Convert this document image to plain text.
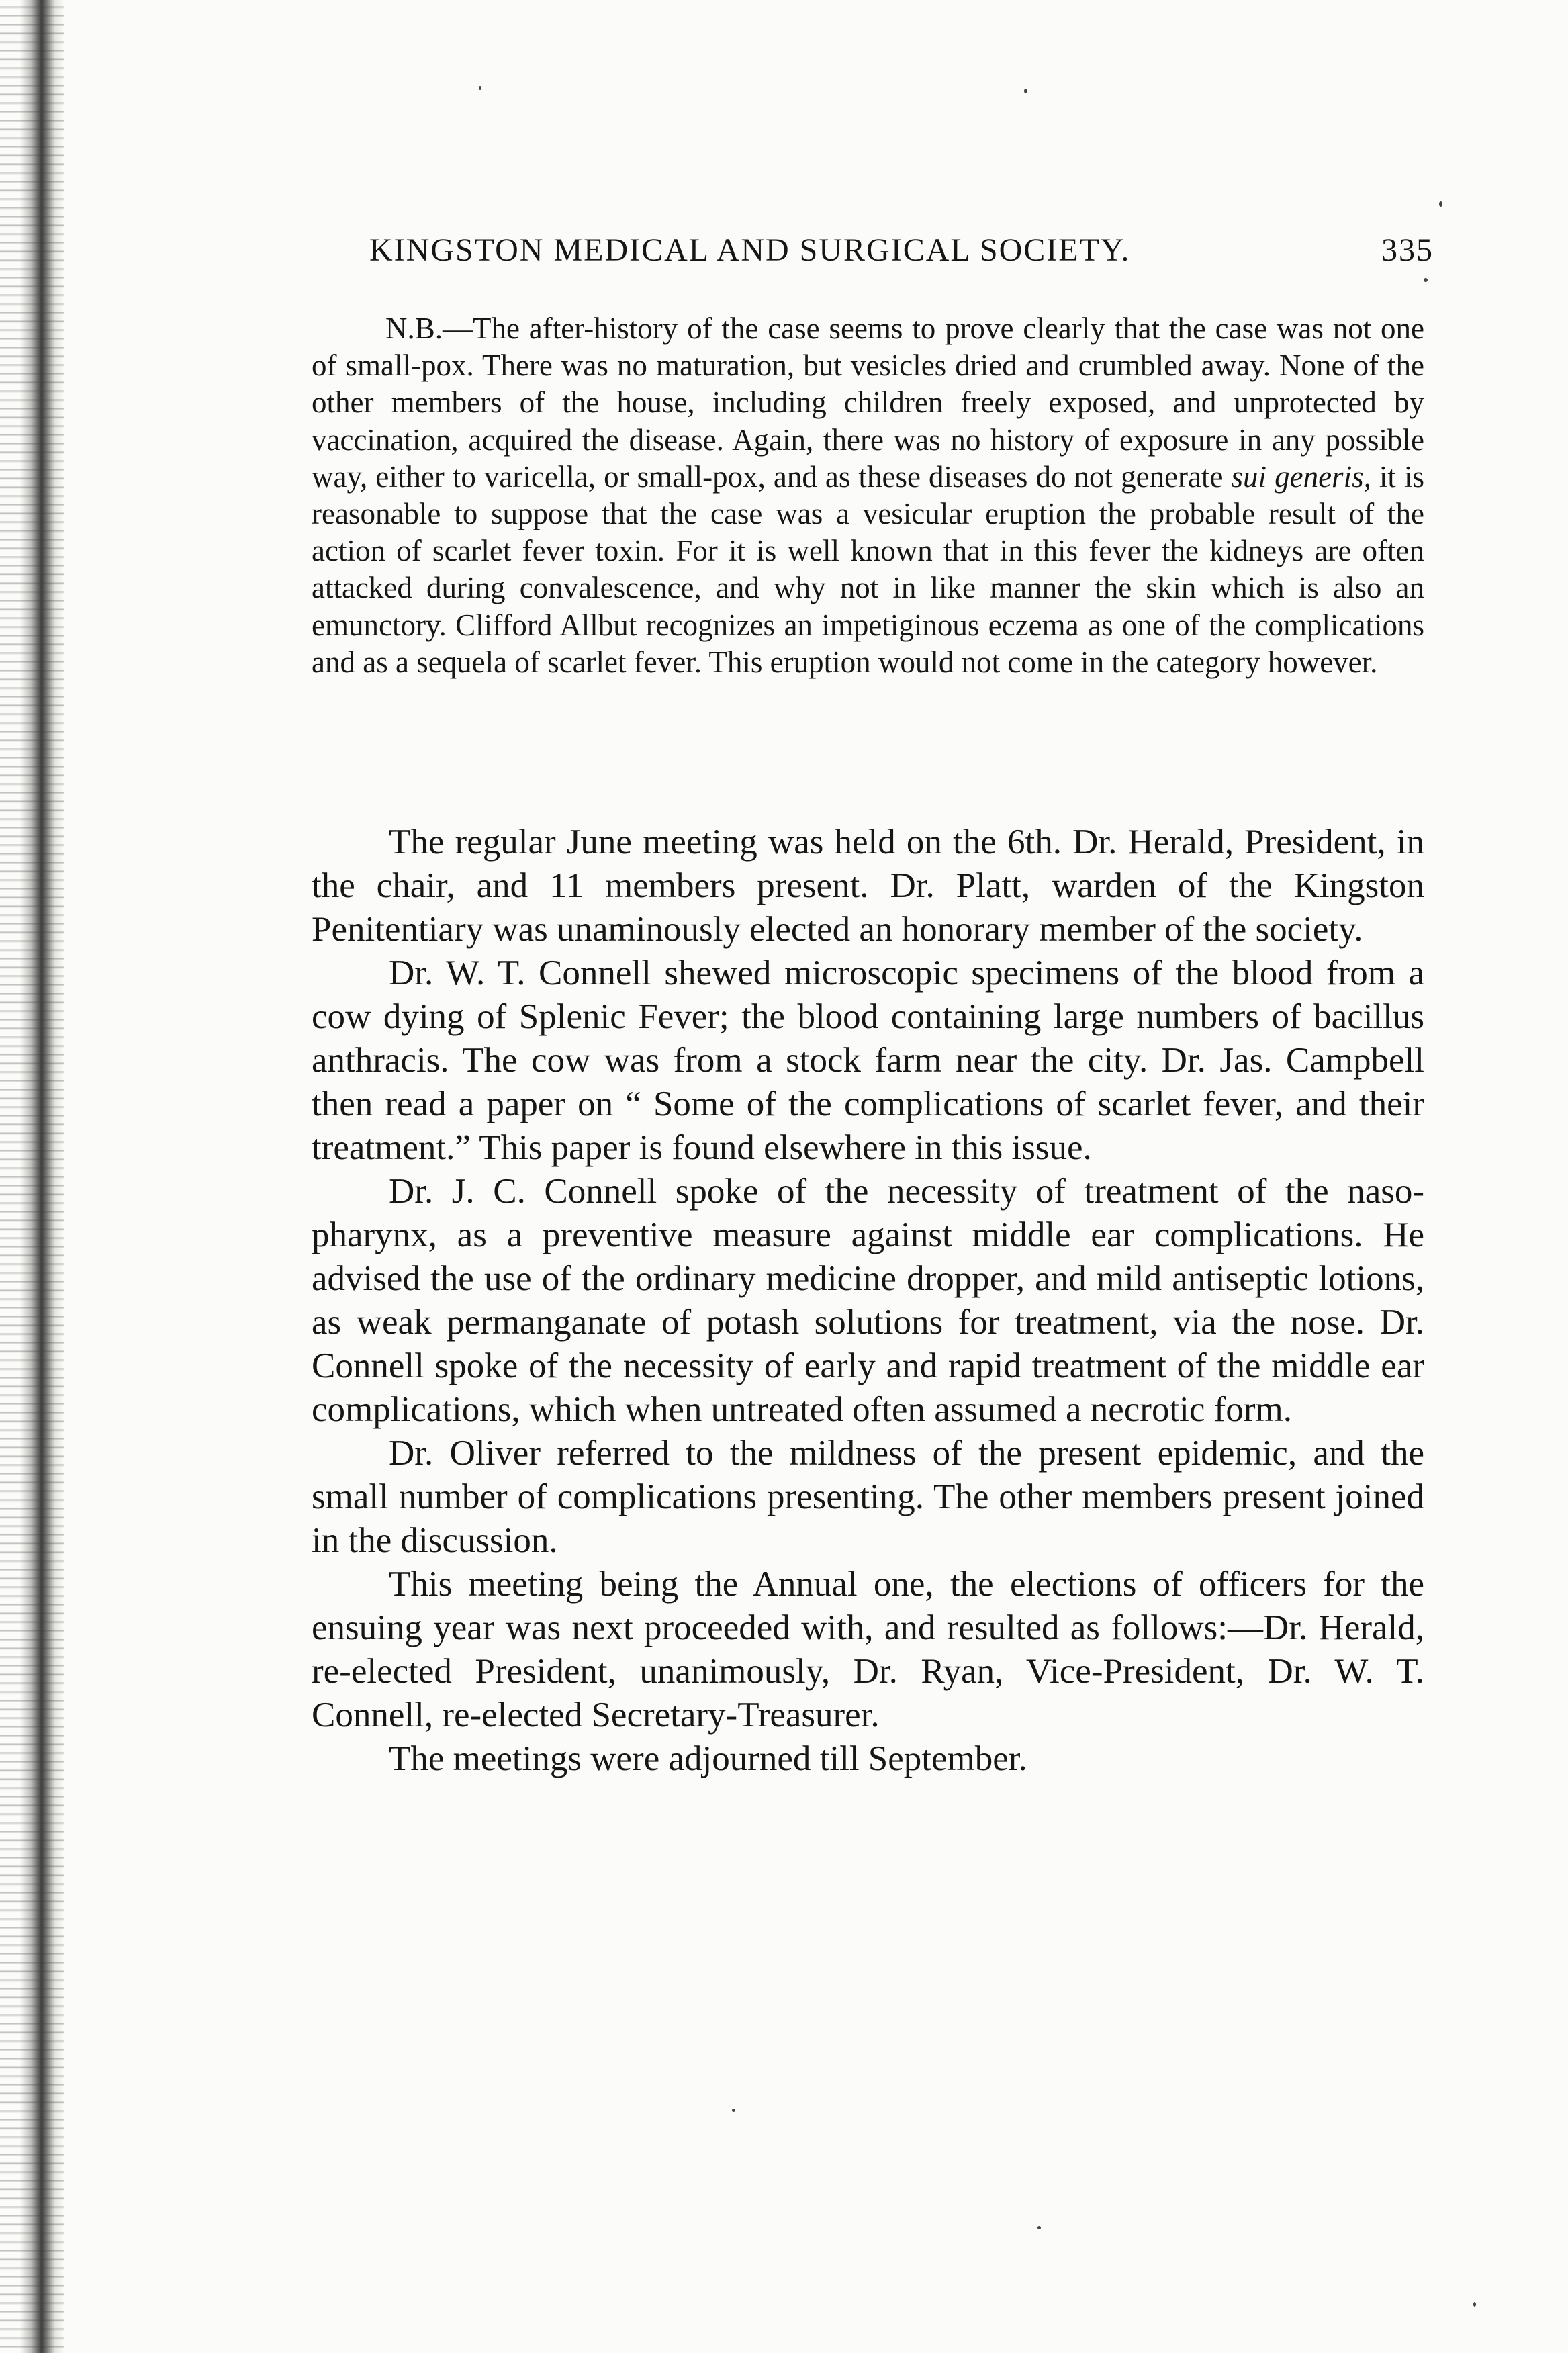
KINGSTON MEDICAL AND SURGICAL SOCIETY.	335

N.B.—The after-history of the case seems to prove clearly that the case was not one of small-pox. There was no maturation, but vesicles dried and crumbled away. None of the other members of the house, including children freely exposed, and unprotected by vaccination, acquired the disease. Again, there was no history of exposure in any possible way, either to varicella, or small-pox, and as these diseases do not generate sui generis, it is reasonable to suppose that the case was a vesicular eruption the probable result of the action of scarlet fever toxin. For it is well known that in this fever the kidneys are often attacked during convalescence, and why not in like manner the skin which is also an emunctory. Clifford Allbut recognizes an impetiginous eczema as one of the complications and as a sequela of scarlet fever. This eruption would not come in the category however.

The regular June meeting was held on the 6th. Dr. Herald, President, in the chair, and 11 members present. Dr. Platt, warden of the Kingston Penitentiary was unaminously elected an honorary member of the society.

Dr. W. T. Connell shewed microscopic specimens of the blood from a cow dying of Splenic Fever; the blood containing large numbers of bacillus anthracis. The cow was from a stock farm near the city. Dr. Jas. Campbell then read a paper on “ Some of the complications of scarlet fever, and their treatment.” This paper is found elsewhere in this issue.

Dr. J. C. Connell spoke of the necessity of treatment of the naso-pharynx, as a preventive measure against middle ear complications. He advised the use of the ordinary medicine dropper, and mild antiseptic lotions, as weak permanganate of potash solutions for treatment, via the nose. Dr. Connell spoke of the necessity of early and rapid treatment of the middle ear complications, which when untreated often assumed a necrotic form.

Dr. Oliver referred to the mildness of the present epidemic, and the small number of complications presenting. The other members present joined in the discussion.

This meeting being the Annual one, the elections of officers for the ensuing year was next proceeded with, and resulted as follows:—Dr. Herald, re-elected President, unanimously, Dr. Ryan, Vice-President, Dr. W. T. Connell, re-elected Secretary-Treasurer.

The meetings were adjourned till September.
